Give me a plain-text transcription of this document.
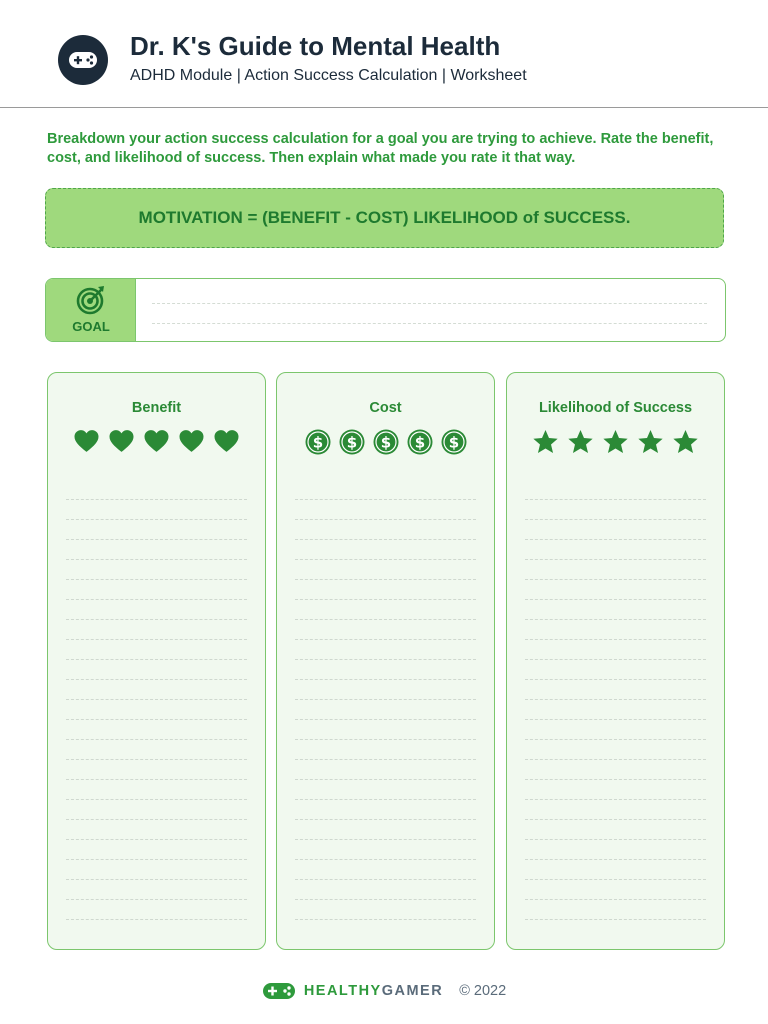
Dr. K's Guide to Mental Health
ADHD Module | Action Success Calculation | Worksheet
Breakdown your action success calculation for a goal you are trying to achieve. Rate the benefit, cost, and likelihood of success. Then explain what made you rate it that way.
MOTIVATION = (BENEFIT - COST) LIKELIHOOD of SUCCESS.
GOAL
Benefit	Cost
$ $ $ $ $
Likelihood of Success
HEALTHYGAMER © 2022
